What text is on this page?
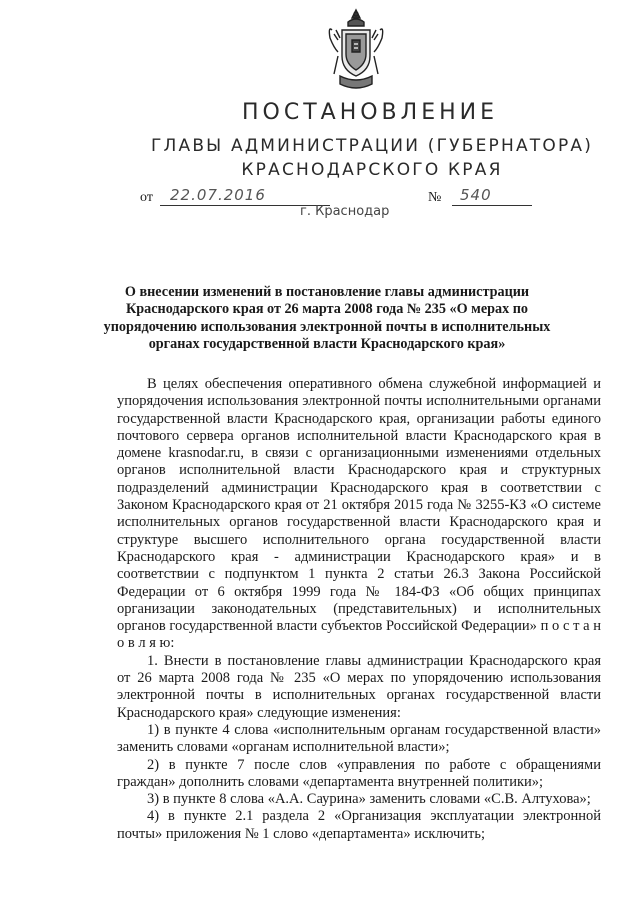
ПОСТАНОВЛЕНИЕ
ГЛАВЫ АДМИНИСТРАЦИИ (ГУБЕРНАТОРА)
КРАСНОДАРСКОГО КРАЯ
от 22.07.2016	№ 540
г. Краснодар
О внесении изменений в постановление главы администрации Краснодарского края от 26 марта 2008 года № 235 «О мерах по упорядочению использования электронной почты в исполнительных органах государственной власти Краснодарского края»

В целях обеспечения оперативного обмена служебной информацией и упорядочения использования электронной почты исполнительными органами государственной власти Краснодарского края, организации работы единого почтового сервера органов исполнительной власти Краснодарского края в домене krasnodar.ru, в связи с организационными изменениями отдельных органов исполнительной власти Краснодарского края и структурных подразделений администрации Краснодарского края в соответствии с Законом Краснодарского края от 21 октября 2015 года № 3255-КЗ «О системе исполнительных органов государственной власти Краснодарского края и структуре высшего исполнительного органа государственной власти Краснодарского края - администрации Краснодарского края» и в соответствии с подпунктом 1 пункта 2 статьи 26.3 Закона Российской Федерации от 6 октября 1999 года № 184-ФЗ «Об общих принципах организации законодательных (представительных) и исполнительных органов государственной власти субъектов Российской Федерации» п о с т а н о в л я ю:

1. Внести в постановление главы администрации Краснодарского края от 26 марта 2008 года № 235 «О мерах по упорядочению использования электронной почты в исполнительных органах государственной власти Краснодарского края» следующие изменения:

1) в пункте 4 слова «исполнительным органам государственной власти» заменить словами «органам исполнительной власти»;

2) в пункте 7 после слов «управления по работе с обращениями граждан» дополнить словами «департамента внутренней политики»;

3) в пункте 8 слова «А.А. Саурина» заменить словами «С.В. Алтухова»;

4) в пункте 2.1 раздела 2 «Организация эксплуатации электронной почты» приложения № 1 слово «департамента» исключить;
